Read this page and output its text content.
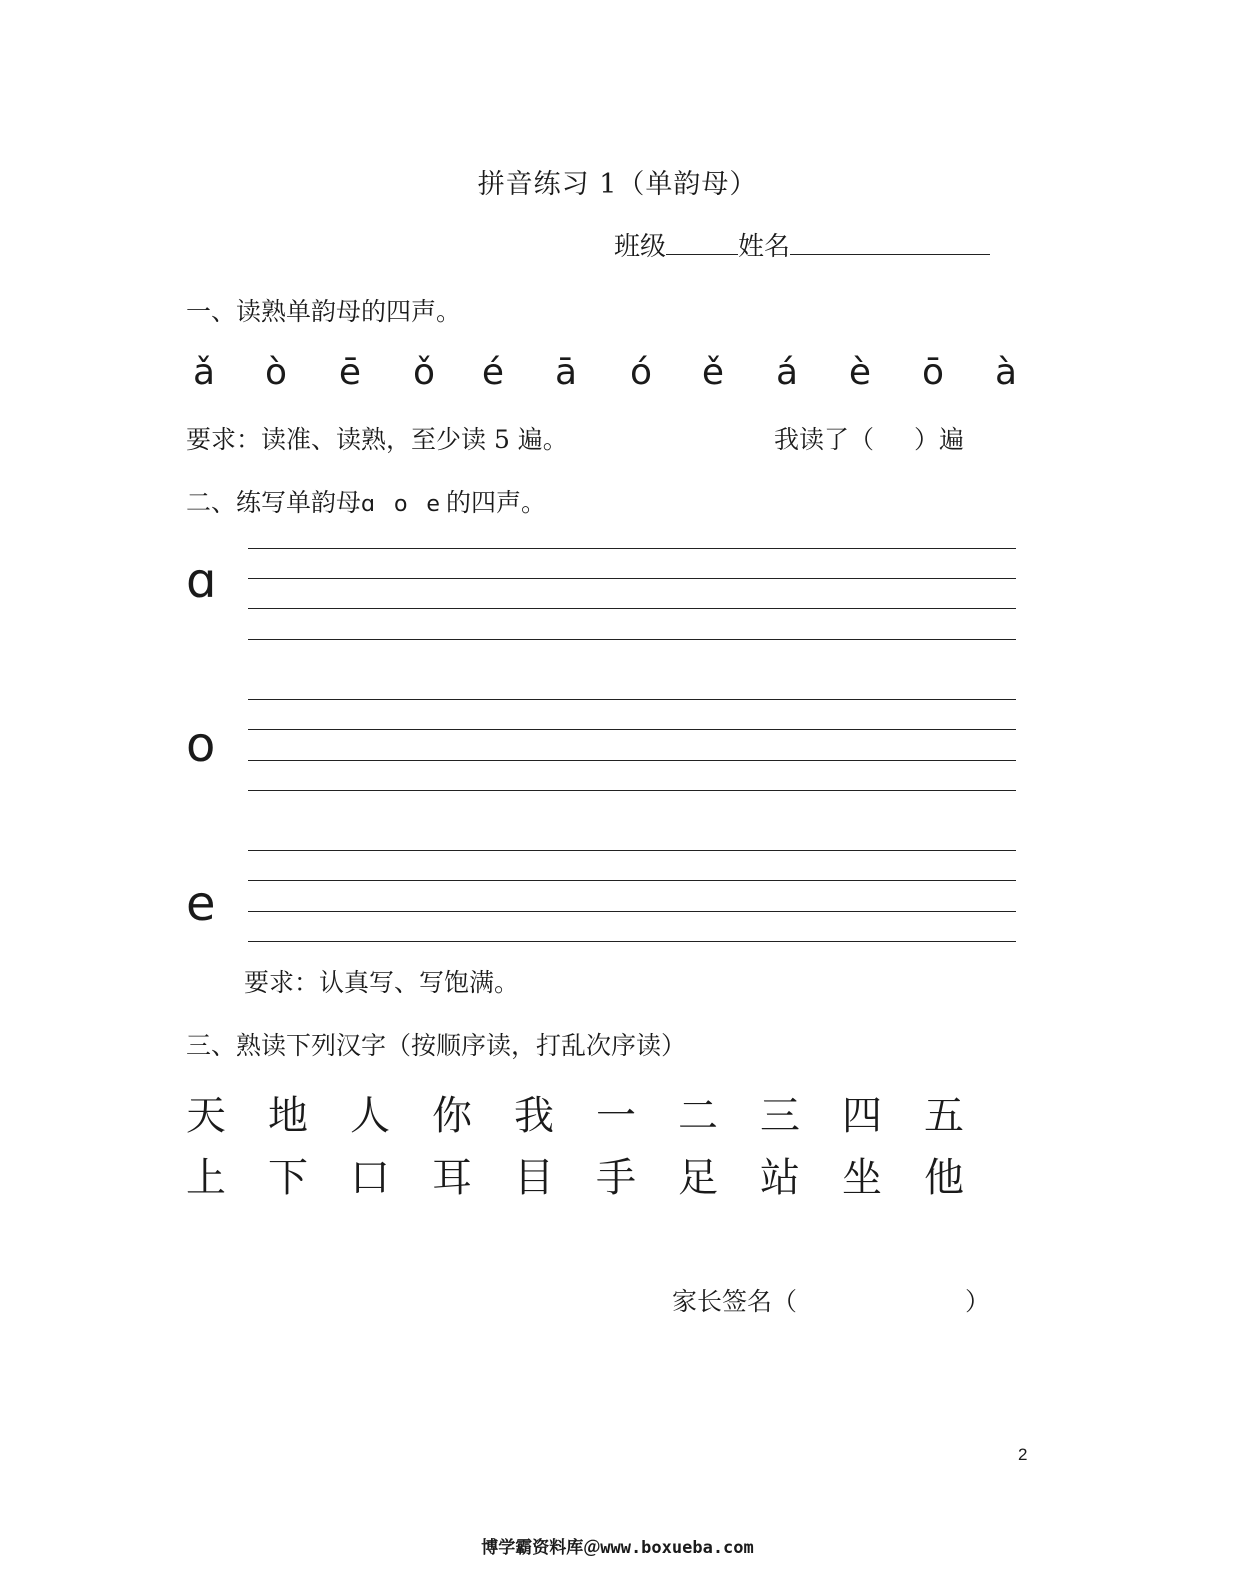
拼音练习 1（单韵母）
班级	姓名
一、读熟单韵母的四声。
ǎ	ò	ē	ǒ	é	ā	ó	ě	á	è	ō	à
要求：读准、读熟，至少读 5 遍。	我读了（ ）遍
二、练写单韵母ɑ o e的四声。
ɑ
o
e
要求：认真写、写饱满。
三、熟读下列汉字（按顺序读，打乱次序读）
天 地 人 你 我 一 二 三 四 五
上 下 口 耳 目 手 足 站 坐 他
家长签名（	）
2
博学霸资料库＠www.boxueba.com
